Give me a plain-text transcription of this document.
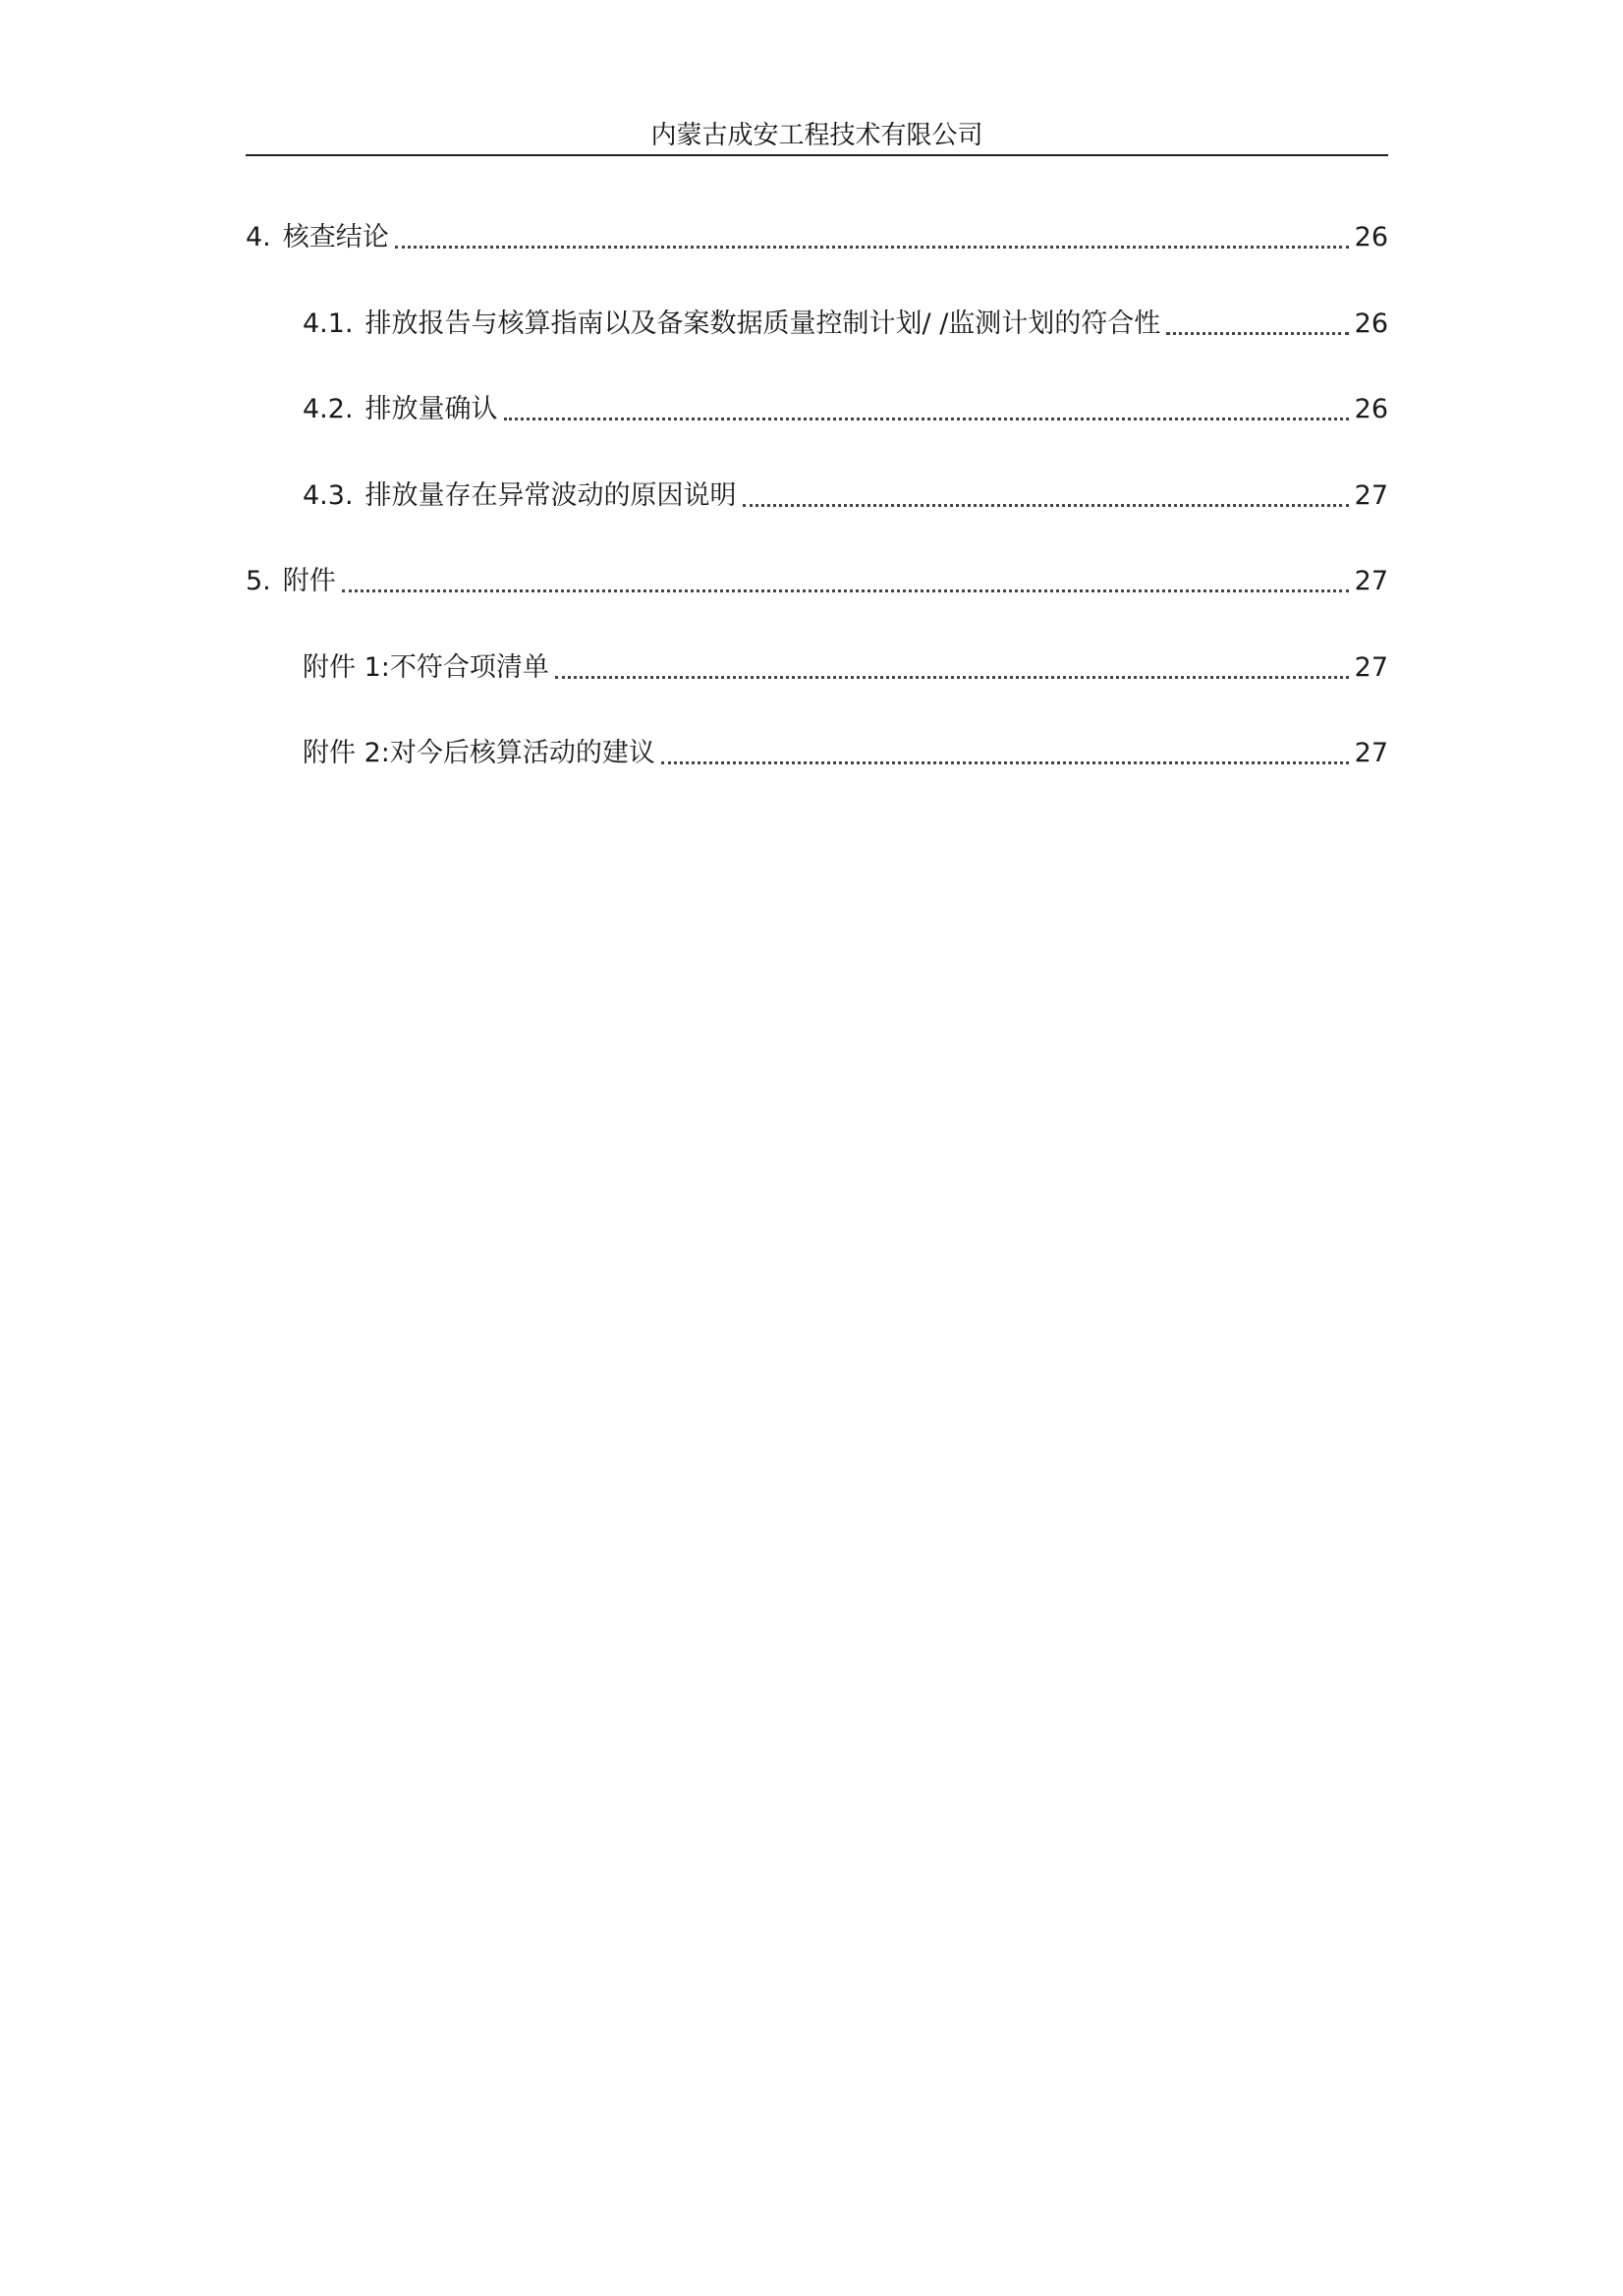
内蒙古成安工程技术有限公司
4. 核查结论	26
4.1. 排放报告与核算指南以及备案数据质量控制计划/ /监测计划的符合性	26
4.2. 排放量确认	26
4.3. 排放量存在异常波动的原因说明	27
5. 附件	27
附件 1:不符合项清单	27
附件 2:对今后核算活动的建议	27
